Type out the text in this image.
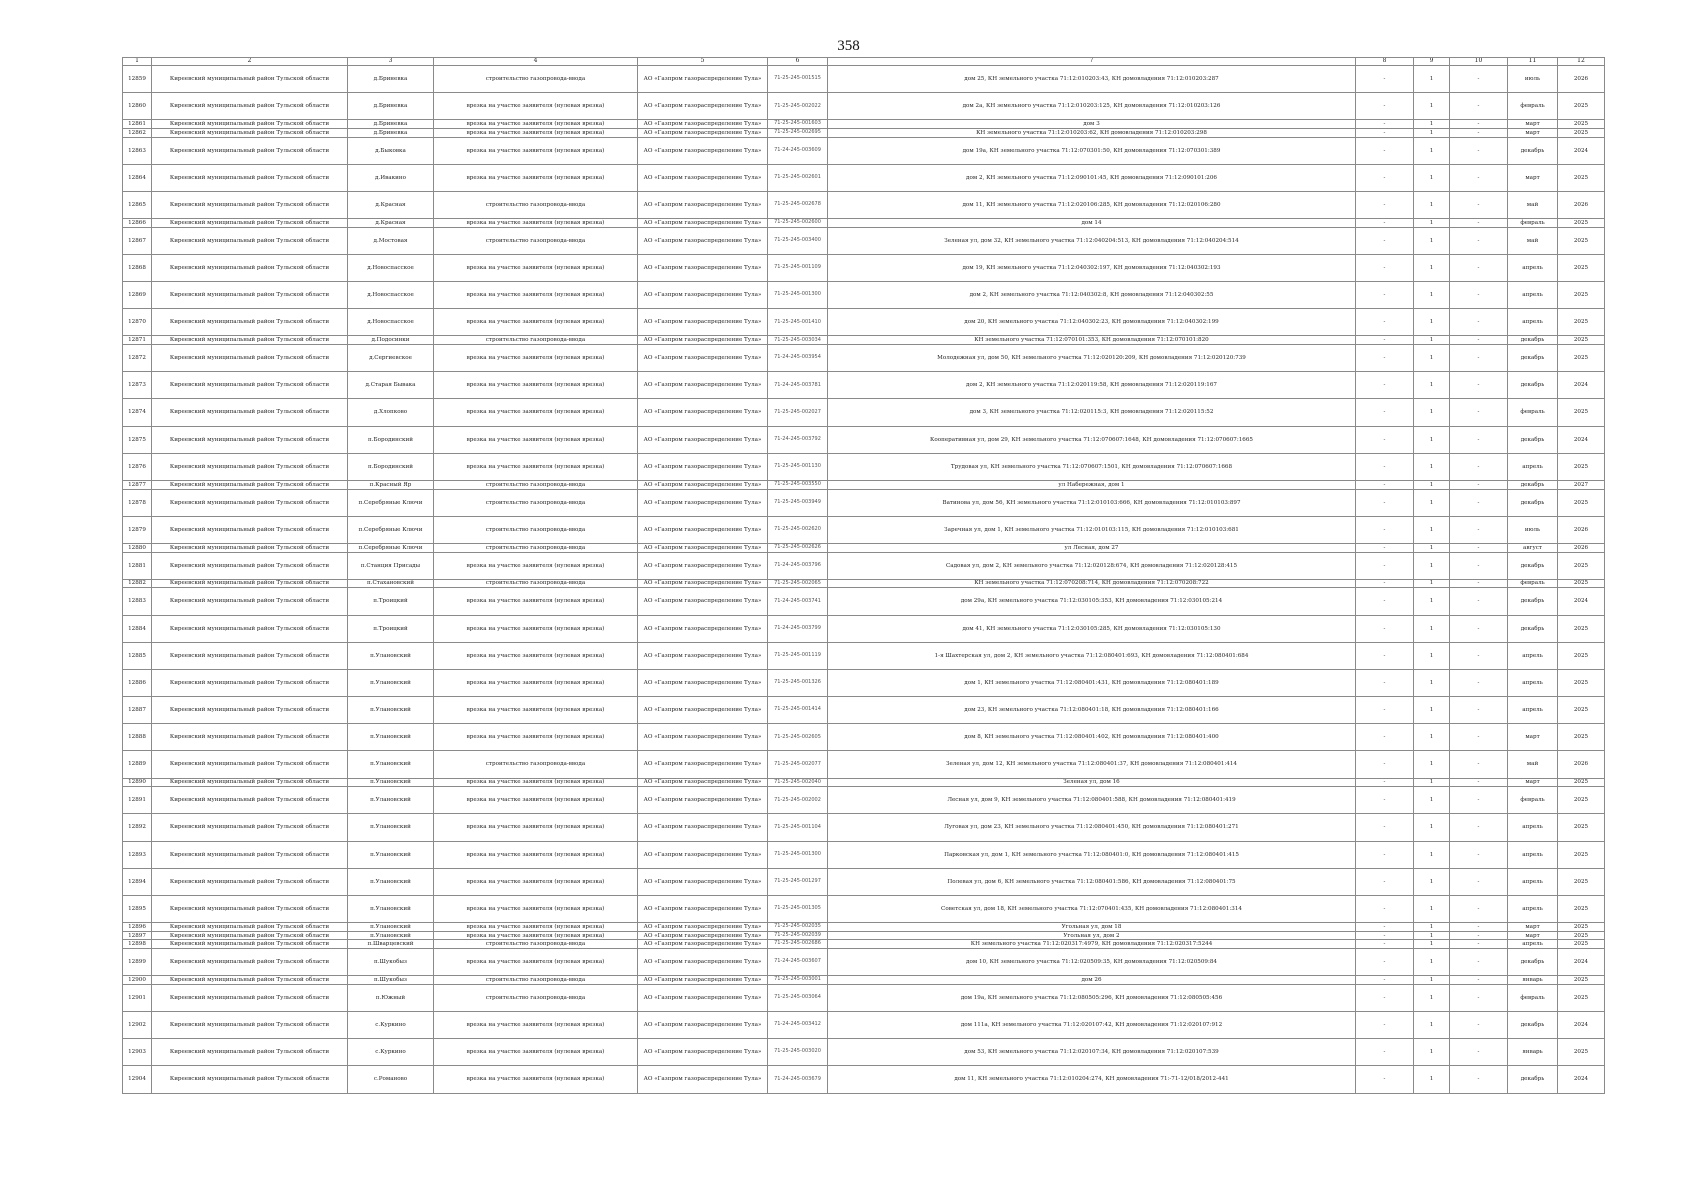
358
1	2	3	4	5	6	7	8	9	10	11	12
12859	Кирeевский муниципальный район Тульской области	д.Бриневка	строительство газопровода-ввода	АО «Газпром газораспределение Тула»	71-25-245-001515	дом 25, КН земельного участка 71:12:010203:43, КН домовладения 71:12:010203:287	-	1	-	июль	2026
12860	Кирeевский муниципальный район Тульской области	д.Бриневка	врезка на участке заявителя (нулевая врезка)	АО «Газпром газораспределение Тула»	71-25-245-002022	дом 2а, КН земельного участка 71:12:010203:125, КН домовладения 71:12:010203:126	-	1	-	февраль	2025
12861	Кирeевский муниципальный район Тульской области	д.Бриневка	врезка на участке заявителя (нулевая врезка)	АО «Газпром газораспределение Тула»	71-25-245-001603	дом 3	-	1	-	март	2025
12862	Кирeевский муниципальный район Тульской области	д.Бриневка	врезка на участке заявителя (нулевая врезка)	АО «Газпром газораспределение Тула»	71-25-245-002695	КН земельного участка 71:12:010203:62, КН домовладения 71:12:010203:298	-	1	-	март	2025
12863	Кирeевский муниципальный район Тульской области	д.Быковка	врезка на участке заявителя (нулевая врезка)	АО «Газпром газораспределение Тула»	71-24-245-003609	дом 19а, КН земельного участка 71:12:070301:50, КН домовладения 71:12:070301:389	-	1	-	декабрь	2024
12864	Кирeевский муниципальный район Тульской области	д.Ивакино	врезка на участке заявителя (нулевая врезка)	АО «Газпром газораспределение Тула»	71-25-245-002601	дом 2, КН земельного участка 71:12:090101:45, КН домовладения 71:12:090101:206	-	1	-	март	2025
12865	Кирeевский муниципальный район Тульской области	д.Красная	строительство газопровода-ввода	АО «Газпром газораспределение Тула»	71-25-245-002678	дом 11, КН земельного участка 71:12:020106:285, КН домовладения 71:12:020106:280	-	1	-	май	2026
12866	Кирeевский муниципальный район Тульской области	д.Красная	врезка на участке заявителя (нулевая врезка)	АО «Газпром газораспределение Тула»	71-25-245-002600	дом 14	-	1	-	февраль	2025
12867	Кирeевский муниципальный район Тульской области	д.Мостовая	строительство газопровода-ввода	АО «Газпром газораспределение Тула»	71-25-245-003400	Зеленая ул, дом 32, КН земельного участка 71:12:040204:513, КН домовладения 71:12:040204:514	-	1	-	май	2025
12868	Кирeевский муниципальный район Тульской области	д.Новоспасское	врезка на участке заявителя (нулевая врезка)	АО «Газпром газораспределение Тула»	71-25-245-001109	дом 19, КН земельного участка 71:12:040302:197, КН домовладения 71:12:040302:193	-	1	-	апрель	2025
12869	Кирeевский муниципальный район Тульской области	д.Новоспасское	врезка на участке заявителя (нулевая врезка)	АО «Газпром газораспределение Тула»	71-25-245-001300	дом 2, КН земельного участка 71:12:040302:8, КН домовладения 71:12:040302:55	-	1	-	апрель	2025
12870	Кирeевский муниципальный район Тульской области	д.Новоспасское	врезка на участке заявителя (нулевая врезка)	АО «Газпром газораспределение Тула»	71-25-245-001410	дом 20, КН земельного участка 71:12:040302:23, КН домовладения 71:12:040302:199	-	1	-	апрель	2025
12871	Кирeевский муниципальный район Тульской области	д.Подосинки	строительство газопровода-ввода	АО «Газпром газораспределение Тула»	71-25-245-003034	КН земельного участка 71:12:070101:353, КН домовладения 71:12:070101:820	-	1	-	декабрь	2025
12872	Кирeевский муниципальный район Тульской области	д.Сергиевское	врезка на участке заявителя (нулевая врезка)	АО «Газпром газораспределение Тула»	71-24-245-003954	Молодежная ул, дом 50, КН земельного участка 71:12:020120:209, КН домовладения 71:12:020120:739	-	1	-	декабрь	2025
12873	Кирeевский муниципальный район Тульской области	д.Старая Бывака	врезка на участке заявителя (нулевая врезка)	АО «Газпром газораспределение Тула»	71-24-245-003781	дом 2, КН земельного участка 71:12:020119:58, КН домовладения 71:12:020119:167	-	1	-	декабрь	2024
12874	Кирeевский муниципальный район Тульской области	д.Хлопково	врезка на участке заявителя (нулевая врезка)	АО «Газпром газораспределение Тула»	71-25-245-002027	дом 3, КН земельного участка 71:12:020115:3, КН домовладения 71:12:020115:52	-	1	-	февраль	2025
12875	Кирeевский муниципальный район Тульской области	п.Бородинский	врезка на участке заявителя (нулевая врезка)	АО «Газпром газораспределение Тула»	71-24-245-003792	Кооперативная ул, дом 29, КН земельного участка 71:12:070607:1648, КН домовладения 71:12:070607:1665	-	1	-	декабрь	2024
12876	Кирeевский муниципальный район Тульской области	п.Бородинский	врезка на участке заявителя (нулевая врезка)	АО «Газпром газораспределение Тула»	71-25-245-001130	Трудовая ул, КН земельного участка 71:12:070607:1501, КН домовладения 71:12:070607:1668	-	1	-	апрель	2025
12877	Кирeевский муниципальный район Тульской области	п.Красный Яр	строительство газопровода-ввода	АО «Газпром газораспределение Тула»	71-25-245-003550	ул Набережная, дом 1	-	1	-	декабрь	2027
12878	Кирeевский муниципальный район Тульской области	п.Серебряные Ключи	строительство газопровода-ввода	АО «Газпром газораспределение Тула»	71-25-245-003949	Ватинова ул, дом 56, КН земельного участка 71:12:010103:666, КН домовладения 71:12:010103:897	-	1	-	декабрь	2025
12879	Кирeевский муниципальный район Тульской области	п.Серебряные Ключи	строительство газопровода-ввода	АО «Газпром газораспределение Тула»	71-25-245-002620	Заречная ул, дом 1, КН земельного участка 71:12:010103:115, КН домовладения 71:12:010103:681	-	1	-	июль	2026
12880	Кирeевский муниципальный район Тульской области	п.Серебряные Ключи	строительство газопровода-ввода	АО «Газпром газораспределение Тула»	71-25-245-002626	ул Лесная, дом 27	-	1	-	август	2026
12881	Кирeевский муниципальный район Тульской области	п.Станция Присады	врезка на участке заявителя (нулевая врезка)	АО «Газпром газораспределение Тула»	71-24-245-003796	Садовая ул, дом 2, КН земельного участка 71:12:020128:674, КН домовладения 71:12:020128:415	-	1	-	декабрь	2025
12882	Кирeевский муниципальный район Тульской области	п.Стахановский	строительство газопровода-ввода	АО «Газпром газораспределение Тула»	71-25-245-002065	КН земельного участка 71:12:070208:714, КН домовладения 71:12:070208:722	-	1	-	февраль	2025
12883	Кирeевский муниципальный район Тульской области	п.Троицкий	врезка на участке заявителя (нулевая врезка)	АО «Газпром газораспределение Тула»	71-24-245-003741	дом 29а, КН земельного участка 71:12:030105:353, КН домовладения 71:12:030105:214	-	1	-	декабрь	2024
12884	Кирeевский муниципальный район Тульской области	п.Троицкий	врезка на участке заявителя (нулевая врезка)	АО «Газпром газораспределение Тула»	71-24-245-003799	дом 41, КН земельного участка 71:12:030105:285, КН домовладения 71:12:030105:130	-	1	-	декабрь	2025
12885	Кирeевский муниципальный район Тульской области	п.Улановский	врезка на участке заявителя (нулевая врезка)	АО «Газпром газораспределение Тула»	71-25-245-001119	1-я Шахтерская ул, дом 2, КН земельного участка 71:12:080401:693, КН домовладения 71:12:080401:684	-	1	-	апрель	2025
12886	Кирeевский муниципальный район Тульской области	п.Улановский	врезка на участке заявителя (нулевая врезка)	АО «Газпром газораспределение Тула»	71-25-245-001326	дом 1, КН земельного участка 71:12:080401:431, КН домовладения 71:12:080401:189	-	1	-	апрель	2025
12887	Кирeевский муниципальный район Тульской области	п.Улановский	врезка на участке заявителя (нулевая врезка)	АО «Газпром газораспределение Тула»	71-25-245-001414	дом 23, КН земельного участка 71:12:080401:18, КН домовладения 71:12:080401:166	-	1	-	апрель	2025
12888	Кирeевский муниципальный район Тульской области	п.Улановский	врезка на участке заявителя (нулевая врезка)	АО «Газпром газораспределение Тула»	71-25-245-002605	дом 8, КН земельного участка 71:12:080401:402, КН домовладения 71:12:080401:400	-	1	-	март	2025
12889	Кирeевский муниципальный район Тульской области	п.Улановский	строительство газопровода-ввода	АО «Газпром газораспределение Тула»	71-25-245-002077	Зеленая ул, дом 12, КН земельного участка 71:12:080401:37, КН домовладения 71:12:080401:414	-	1	-	май	2026
12890	Кирeевский муниципальный район Тульской области	п.Улановский	врезка на участке заявителя (нулевая врезка)	АО «Газпром газораспределение Тула»	71-25-245-002040	Зеленая ул, дом 16	-	1	-	март	2025
12891	Кирeевский муниципальный район Тульской области	п.Улановский	врезка на участке заявителя (нулевая врезка)	АО «Газпром газораспределение Тула»	71-25-245-002002	Лесная ул, дом 9, КН земельного участка 71:12:080401:588, КН домовладения 71:12:080401:419	-	1	-	февраль	2025
12892	Кирeевский муниципальный район Тульской области	п.Улановский	врезка на участке заявителя (нулевая врезка)	АО «Газпром газораспределение Тула»	71-25-245-001104	Луговая ул, дом 23, КН земельного участка 71:12:080401:450, КН домовладения 71:12:080401:271	-	1	-	апрель	2025
12893	Кирeевский муниципальный район Тульской области	п.Улановский	врезка на участке заявителя (нулевая врезка)	АО «Газпром газораспределение Тула»	71-25-245-001300	Парковская ул, дом 1, КН земельного участка 71:12:080401:0, КН домовладения 71:12:080401:415	-	1	-	апрель	2025
12894	Кирeевский муниципальный район Тульской области	п.Улановский	врезка на участке заявителя (нулевая врезка)	АО «Газпром газораспределение Тула»	71-25-245-001297	Полевая ул, дом 6, КН земельного участка 71:12:080401:586, КН домовладения 71:12:080401:75	-	1	-	апрель	2025
12895	Кирeевский муниципальный район Тульской области	п.Улановский	врезка на участке заявителя (нулевая врезка)	АО «Газпром газораспределение Тула»	71-25-245-001305	Советская ул, дом 18, КН земельного участка 71:12:070401:435, КН домовладения 71:12:080401:314	-	1	-	апрель	2025
12896	Кирeевский муниципальный район Тульской области	п.Улановский	врезка на участке заявителя (нулевая врезка)	АО «Газпром газораспределение Тула»	71-25-245-002035	Угольная ул, дом 18	-	1	-	март	2025
12897	Кирeевский муниципальный район Тульской области	п.Улановский	врезка на участке заявителя (нулевая врезка)	АО «Газпром газораспределение Тула»	71-25-245-002039	Угольная ул, дом 2	-	1	-	март	2025
12898	Кирeевский муниципальный район Тульской области	п.Шварцевский	строительство газопровода-ввода	АО «Газпром газораспределение Тула»	71-25-245-002686	КН земельного участка 71:12:020317:4979, КН домовладения 71:12:020317:5244	-	1	-	апрель	2025
12899	Кирeевский муниципальный район Тульской области	п.Шукобыз	врезка на участке заявителя (нулевая врезка)	АО «Газпром газораспределение Тула»	71-24-245-003607	дом 10, КН земельного участка 71:12:020509:35, КН домовладения 71:12:020509:84	-	1	-	декабрь	2024
12900	Кирeевский муниципальный район Тульской области	п.Шукобыз	строительство газопровода-ввода	АО «Газпром газораспределение Тула»	71-25-245-003001	дом 26	-	1	-	январь	2025
12901	Кирeевский муниципальный район Тульской области	п.Южный	строительство газопровода-ввода	АО «Газпром газораспределение Тула»	71-25-245-003064	дом 19а, КН земельного участка 71:12:080505:296, КН домовладения 71:12:080505:456	-	1	-	февраль	2025
12902	Кирeевский муниципальный район Тульской области	с.Куркино	врезка на участке заявителя (нулевая врезка)	АО «Газпром газораспределение Тула»	71-24-245-003412	дом 111а, КН земельного участка 71:12:020107:42, КН домовладения 71:12:020107:912	-	1	-	декабрь	2024
12903	Кирeевский муниципальный район Тульской области	с.Куркино	врезка на участке заявителя (нулевая врезка)	АО «Газпром газораспределение Тула»	71-25-245-003020	дом 53, КН земельного участка 71:12:020107:34, КН домовладения 71:12:020107:539	-	1	-	январь	2025
12904	Кирeевский муниципальный район Тульской области	с.Романово	врезка на участке заявителя (нулевая врезка)	АО «Газпром газораспределение Тула»	71-24-245-003679	дом 11, КН земельного участка 71:12:010204:274, КН домовладения 71:-71-12/018/2012-441	-	1	-	декабрь	2024
